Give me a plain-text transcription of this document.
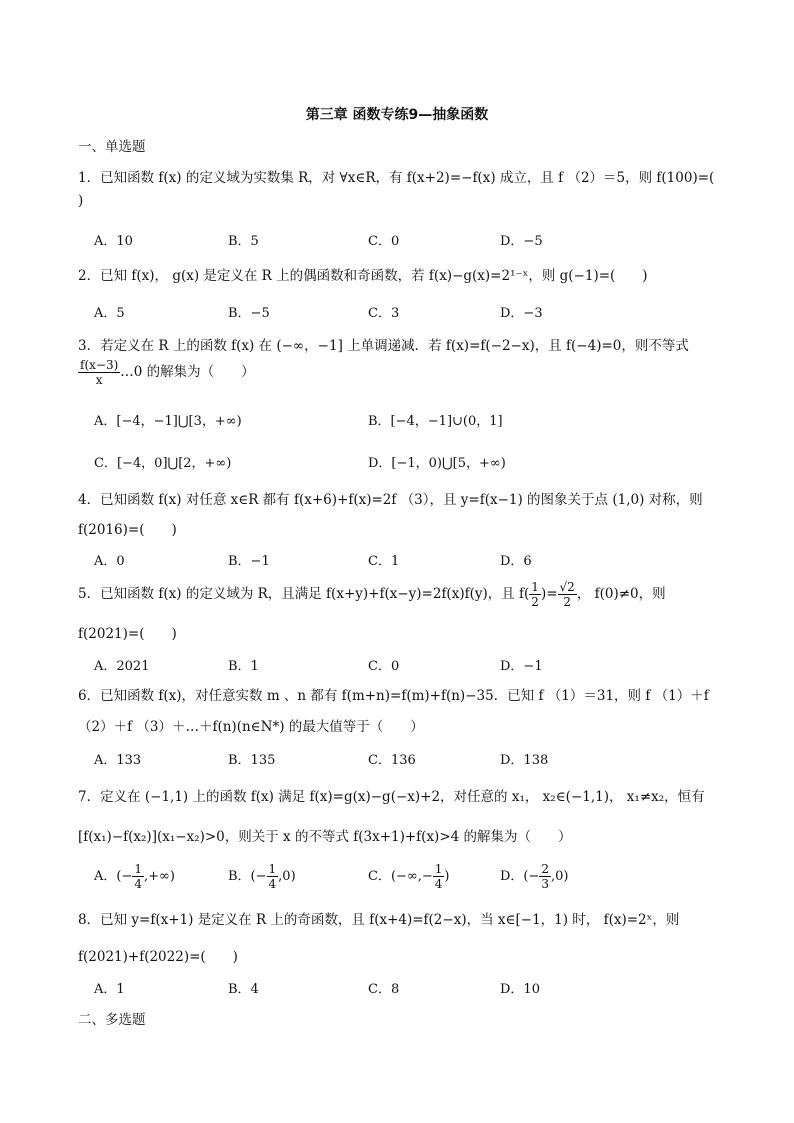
第三章 函数专练9—抽象函数
一、单选题
1．已知函数 f(x) 的定义域为实数集 R，对 ∀x∈R，有 f(x+2)=−f(x) 成立，且 f （2）＝5，则 f(100)=(
)
A．10	B．5	C．0	D．−5
2．已知 f(x)， g(x) 是定义在 R 上的偶函数和奇函数，若 f(x)−g(x)=2¹⁻ˣ，则 g(−1)=(　　)
A．5	B．−5	C．3	D．−3
3．若定义在 R 上的函数 f(x) 在 (−∞，−1] 上单调递减．若 f(x)=f(−2−x)，且 f(−4)=0，则不等式
$\frac{f(x-3)}{x}$ …0 的解集为（　　）
A．[−4，−1]⋃[3，+∞)	B．[−4，−1]∪(0，1]
C．[−4，0]⋃[2，+∞)	D．[−1，0)⋃[5，+∞)
4．已知函数 f(x) 对任意 x∈R 都有 f(x+6)+f(x)=2f （3），且 y=f(x−1) 的图象关于点 (1,0) 对称，则
f(2016)=(　　)
A．0	B．−1	C．1	D．6
5．已知函数 f(x) 的定义域为 R，且满足 f(x+y)+f(x−y)=2f(x)f(y)，且 $f( \frac{1}{2}$ )= $\frac{√2}{2}$ ， f(0)≠0，则
f(2021)=(　　)
A．2021	B．1	C．0	D．−1
6．已知函数 f(x)，对任意实数 m 、n 都有 f(m+n)=f(m)+f(n)−35．已知 f （1）＝31，则 f （1）＋f
（2）＋f （3）＋…＋f(n)(n∈N*) 的最大值等于（　　）
A．133	B．135	C．136	D．138
7．定义在 (−1,1) 上的函数 f(x) 满足 f(x)=g(x)−g(−x)+2，对任意的 x₁， x₂∈(−1,1)， x₁≠x₂，恒有
[f(x₁)−f(x₂)](x₁−x₂)>0，则关于 x 的不等式 f(3x+1)+f(x)>4 的解集为（　　）
A．(− $\frac{1}{4}$ ,+∞)	B．(− $\frac{1}{4} ,0$)	C．(−∞,− $\frac{1}{4}$ )	D．(− $\frac{2}{3} ,0$)
8．已知 y=f(x+1) 是定义在 R 上的奇函数，且 f(x+4)=f(2−x)，当 x∈[−1，1) 时， f(x)=2ˣ，则
f(2021)+f(2022)=(　　)
A．1	B．4	C．8	D．10
二、多选题
